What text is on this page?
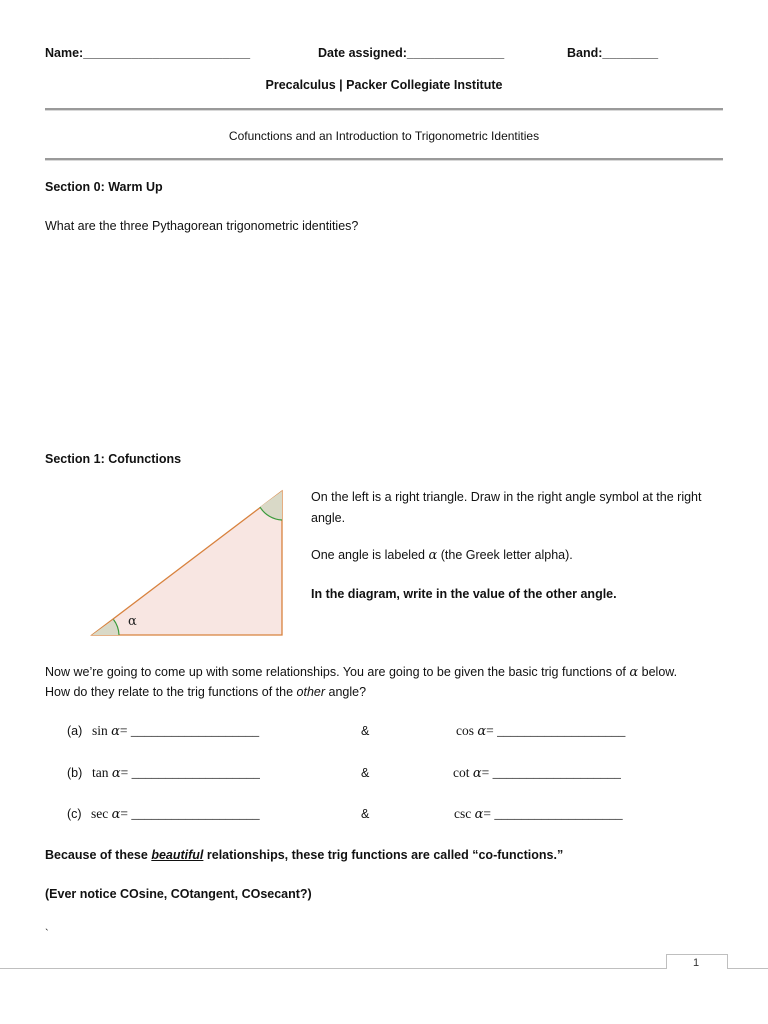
Name:________________________	Date assigned:______________	Band:________
Precalculus | Packer Collegiate Institute
Cofunctions and an Introduction to Trigonometric Identities
Section 0: Warm Up
What are the three Pythagorean trigonometric identities?
Section 1: Cofunctions
α
On the left is a right triangle. Draw in the right angle symbol at the right
angle.
One angle is labeled α (the Greek letter alpha).
In the diagram, write in the value of the other angle.
Now we’re going to come up with some relationships. You are going to be given the basic trig functions of α below.
How do they relate to the trig functions of the other angle?
(a) sin α= ___________________	&	cos α= ___________________
(b) tan α= ___________________	&	cot α= ___________________
(c) sec α= ___________________	&	csc α= ___________________
Because of these beautiful relationships, these trig functions are called “co-functions.”
(Ever notice COsine, COtangent, COsecant?)
`
1
